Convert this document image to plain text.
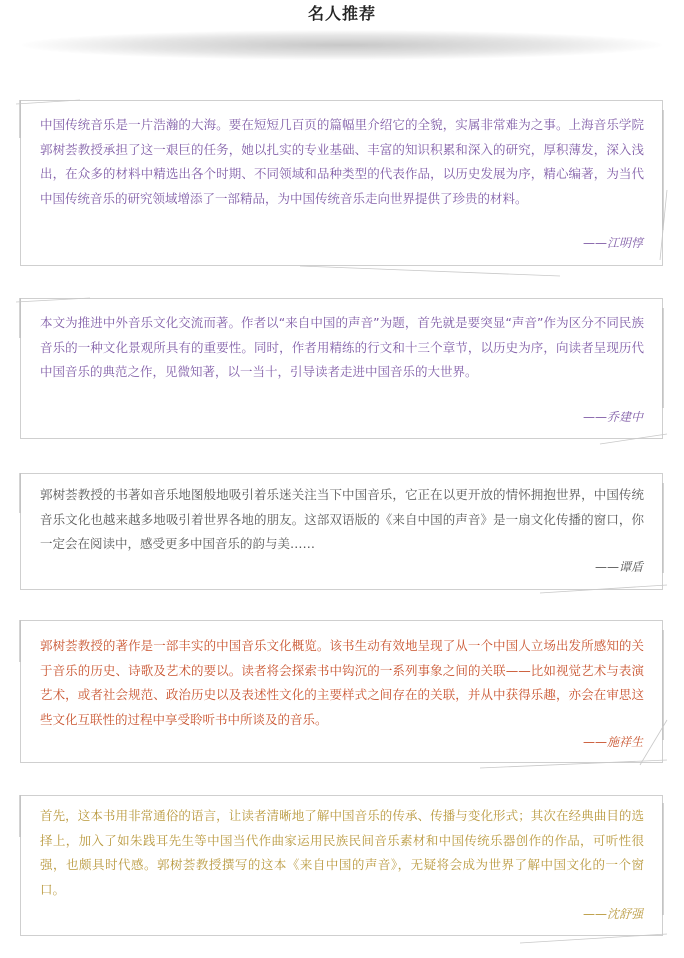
名人推荐

中国传统音乐是一片浩瀚的大海。要在短短几百页的篇幅里介绍它的全貌，实属非常难为之事。上海音乐学院郭树荟教授承担了这一艰巨的任务，她以扎实的专业基础、丰富的知识积累和深入的研究，厚积薄发，深入浅出，在众多的材料中精选出各个时期、不同领域和品种类型的代表作品，以历史发展为序，精心编著，为当代中国传统音乐的研究领域增添了一部精品，为中国传统音乐走向世界提供了珍贵的材料。

——江明惇

本文为推进中外音乐文化交流而著。作者以“来自中国的声音”为题，首先就是要突显“声音”作为区分不同民族音乐的一种文化景观所具有的重要性。同时，作者用精练的行文和十三个章节，以历史为序，向读者呈现历代中国音乐的典范之作，见微知著，以一当十，引导读者走进中国音乐的大世界。

——乔建中

郭树荟教授的书著如音乐地图般地吸引着乐迷关注当下中国音乐，它正在以更开放的情怀拥抱世界，中国传统音乐文化也越来越多地吸引着世界各地的朋友。这部双语版的《来自中国的声音》是一扇文化传播的窗口，你一定会在阅读中，感受更多中国音乐的韵与美……

——谭盾

郭树荟教授的著作是一部丰实的中国音乐文化概览。该书生动有效地呈现了从一个中国人立场出发所感知的关于音乐的历史、诗歌及艺术的要以。读者将会探索书中钩沉的一系列事象之间的关联——比如视觉艺术与表演艺术，或者社会规范、政治历史以及表述性文化的主要样式之间存在的关联，并从中获得乐趣，亦会在审思这些文化互联性的过程中享受聆听书中所谈及的音乐。

——施祥生

首先，这本书用非常通俗的语言，让读者清晰地了解中国音乐的传承、传播与变化形式；其次在经典曲目的选择上，加入了如朱践耳先生等中国当代作曲家运用民族民间音乐素材和中国传统乐器创作的作品，可听性很强，也颇具时代感。郭树荟教授撰写的这本《来自中国的声音》，无疑将会成为世界了解中国文化的一个窗口。

——沈舒强
